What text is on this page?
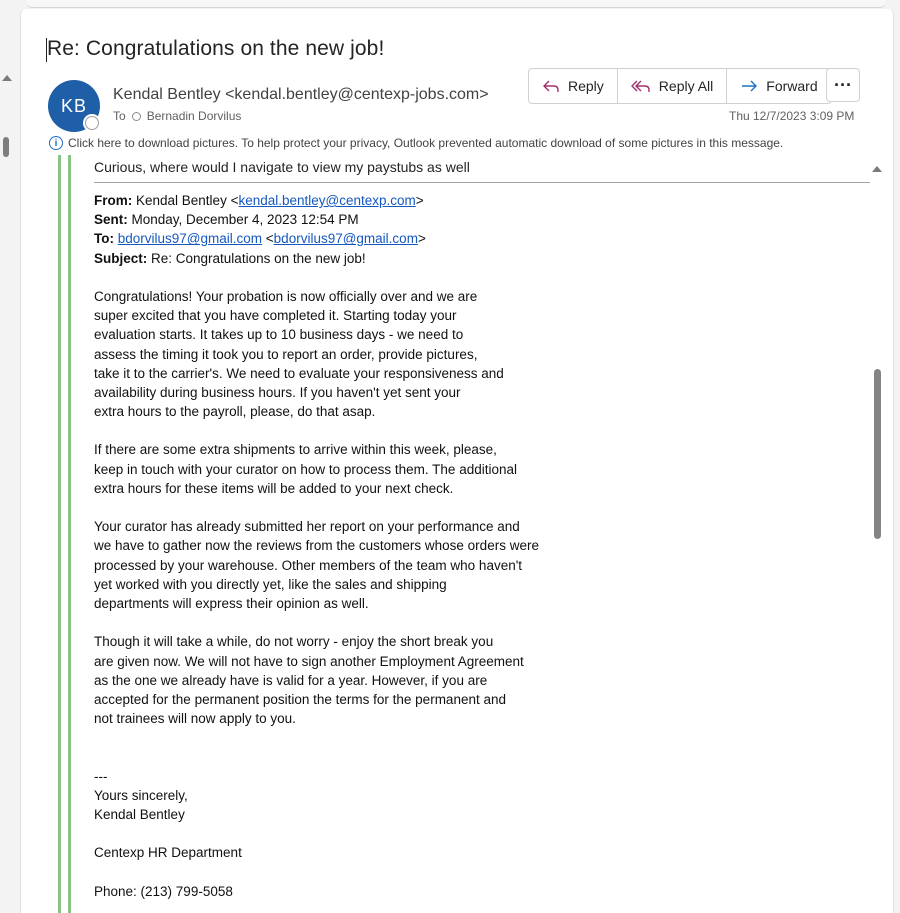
Re: Congratulations on the new job!
KB
Kendal Bentley <kendal.bentley@centexp-jobs.com>
To Bernadin Dorvilus
Reply	Reply All	Forward ···
Thu 12/7/2023 3:09 PM
i Click here to download pictures. To help protect your privacy, Outlook prevented automatic download of some pictures in this message.
Curious, where would I navigate to view my paystubs as well
From: Kendal Bentley <kendal.bentley@centexp.com>
Sent: Monday, December 4, 2023 12:54 PM
To: bdorvilus97@gmail.com <bdorvilus97@gmail.com>
Subject: Re: Congratulations on the new job!
Congratulations! Your probation is now officially over and we are
super excited that you have completed it. Starting today your
evaluation starts. It takes up to 10 business days - we need to
assess the timing it took you to report an order, provide pictures,
take it to the carrier's. We need to evaluate your responsiveness and
availability during business hours. If you haven't yet sent your
extra hours to the payroll, please, do that asap.
If there are some extra shipments to arrive within this week, please,
keep in touch with your curator on how to process them. The additional
extra hours for these items will be added to your next check.
Your curator has already submitted her report on your performance and
we have to gather now the reviews from the customers whose orders were
processed by your warehouse. Other members of the team who haven't
yet worked with you directly yet, like the sales and shipping
departments will express their opinion as well.
Though it will take a while, do not worry - enjoy the short break you
are given now. We will not have to sign another Employment Agreement
as the one we already have is valid for a year. However, if you are
accepted for the permanent position the terms for the permanent and
not trainees will now apply to you.
---
Yours sincerely,
Kendal Bentley
Centexp HR Department
Phone: (213) 799-5058
